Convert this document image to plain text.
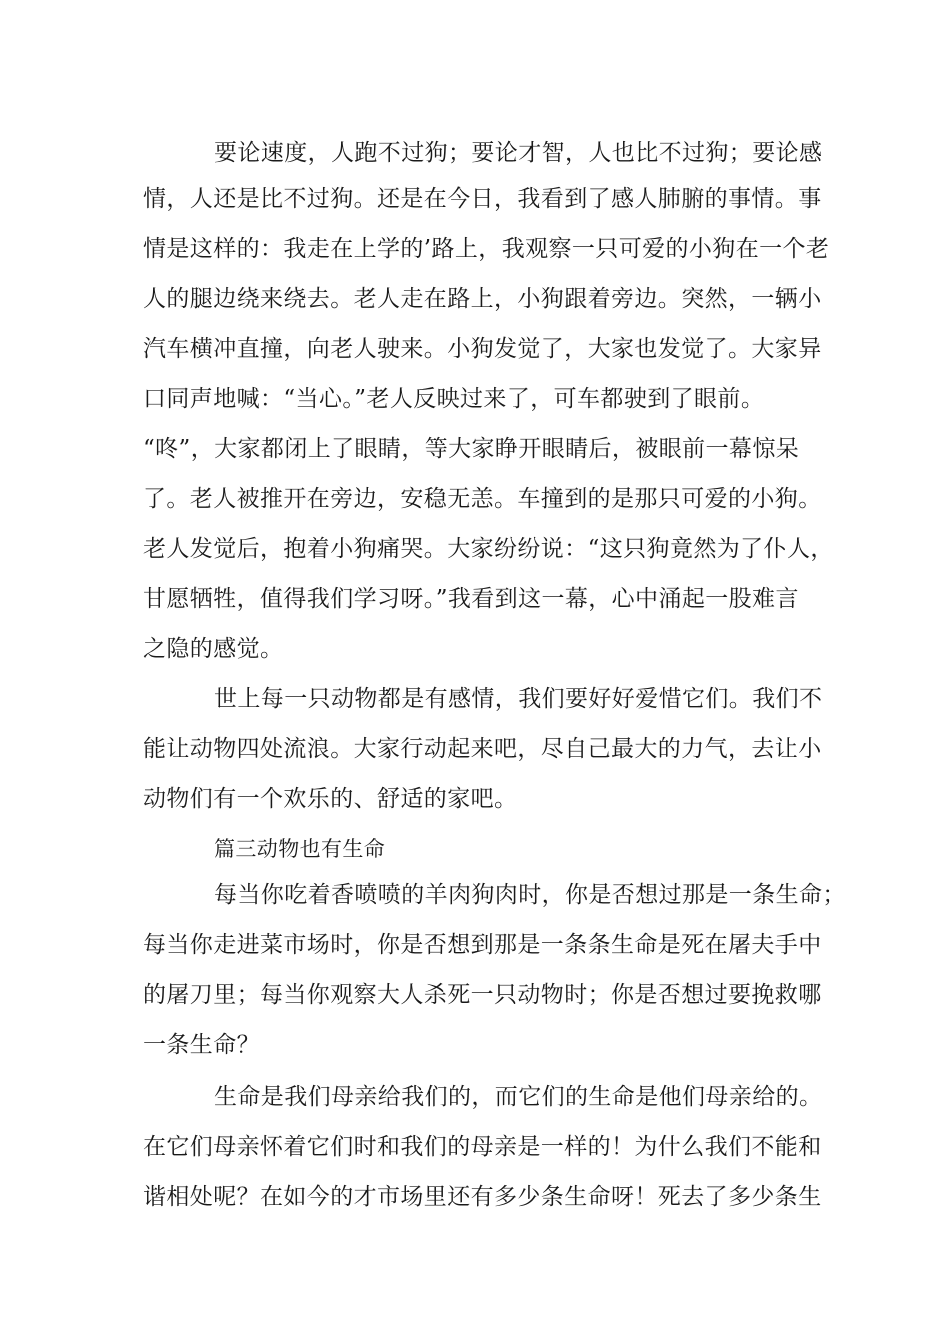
要论速度，人跑不过狗；要论才智，人也比不过狗；要论感
情，人还是比不过狗。还是在今日，我看到了感人肺腑的事情。事
情是这样的：我走在上学的’路上，我观察一只可爱的小狗在一个老
人的腿边绕来绕去。老人走在路上，小狗跟着旁边。突然，一辆小
汽车横冲直撞，向老人驶来。小狗发觉了，大家也发觉了。大家异
口同声地喊：“当心。”老人反映过来了，可车都驶到了眼前。
“咚”，大家都闭上了眼睛，等大家睁开眼睛后，被眼前一幕惊呆
了。老人被推开在旁边，安稳无恙。车撞到的是那只可爱的小狗。
老人发觉后，抱着小狗痛哭。大家纷纷说：“这只狗竟然为了仆人，
甘愿牺牲，值得我们学习呀。”我看到这一幕，心中涌起一股难言
之隐的感觉。
世上每一只动物都是有感情，我们要好好爱惜它们。我们不
能让动物四处流浪。大家行动起来吧，尽自己最大的力气，去让小
动物们有一个欢乐的、舒适的家吧。
篇三动物也有生命
每当你吃着香喷喷的羊肉狗肉时，你是否想过那是一条生命；
每当你走进菜市场时，你是否想到那是一条条生命是死在屠夫手中
的屠刀里；每当你观察大人杀死一只动物时；你是否想过要挽救哪
一条生命？
生命是我们母亲给我们的，而它们的生命是他们母亲给的。
在它们母亲怀着它们时和我们的母亲是一样的！为什么我们不能和
谐相处呢？在如今的才市场里还有多少条生命呀！死去了多少条生
